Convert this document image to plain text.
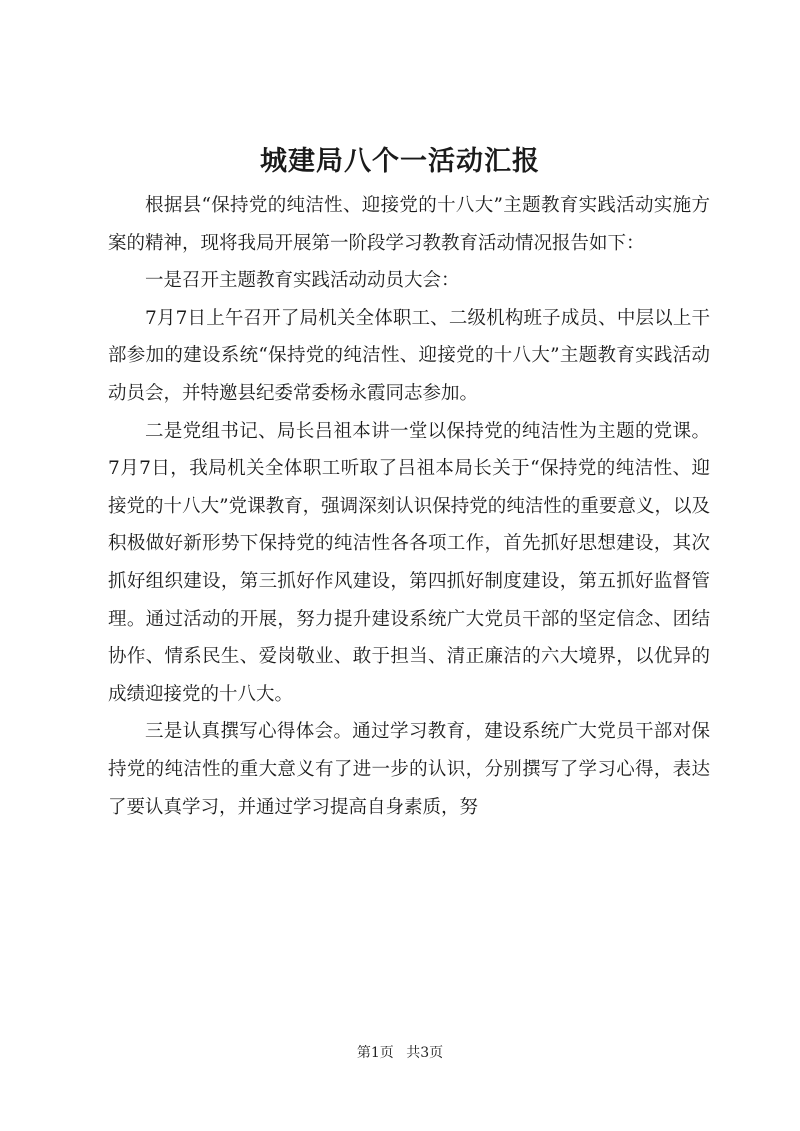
城建局八个一活动汇报

根据县“保持党的纯洁性、迎接党的十八大”主题教育实践活动实施方案的精神，现将我局开展第一阶段学习教教育活动情况报告如下：

一是召开主题教育实践活动动员大会：

7月7日上午召开了局机关全体职工、二级机构班子成员、中层以上干部参加的建设系统“保持党的纯洁性、迎接党的十八大”主题教育实践活动动员会，并特邀县纪委常委杨永霞同志参加。

二是党组书记、局长吕祖本讲一堂以保持党的纯洁性为主题的党课。7月7日，我局机关全体职工听取了吕祖本局长关于“保持党的纯洁性、迎接党的十八大”党课教育，强调深刻认识保持党的纯洁性的重要意义，以及积极做好新形势下保持党的纯洁性各各项工作，首先抓好思想建设，其次抓好组织建设，第三抓好作风建设，第四抓好制度建设，第五抓好监督管理。通过活动的开展，努力提升建设系统广大党员干部的坚定信念、团结协作、情系民生、爱岗敬业、敢于担当、清正廉洁的六大境界，以优异的成绩迎接党的十八大。

三是认真撰写心得体会。通过学习教育，建设系统广大党员干部对保持党的纯洁性的重大意义有了进一步的认识，分别撰写了学习心得，表达了要认真学习，并通过学习提高自身素质，努

第1页 共3页
